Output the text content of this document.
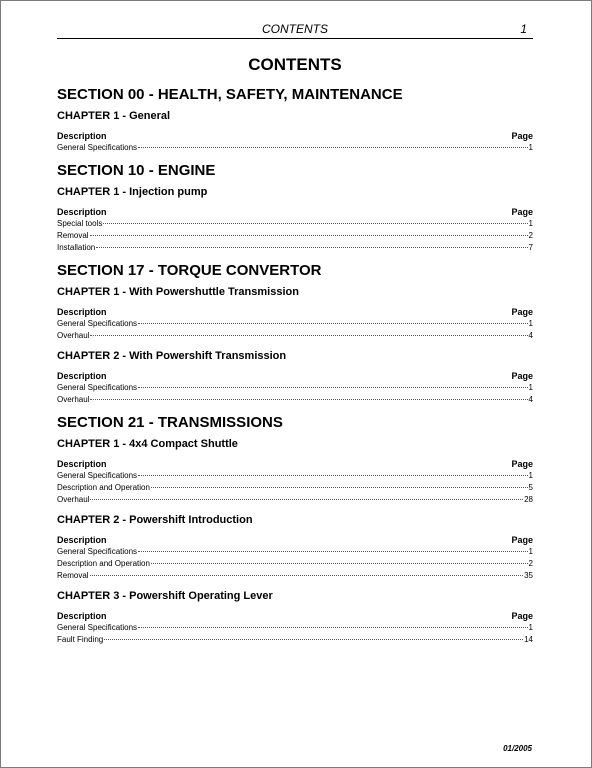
CONTENTS	1
CONTENTS
SECTION 00 - HEALTH, SAFETY, MAINTENANCE
CHAPTER 1 - General
Description	Page
General Specifications	1
SECTION 10 - ENGINE
CHAPTER 1 - Injection pump
Description	Page
Special tools	1
Removal	2
Installation	7
SECTION 17 - TORQUE CONVERTOR
CHAPTER 1 - With Powershuttle Transmission
Description	Page
General Specifications	1
Overhaul	4
CHAPTER 2 - With Powershift Transmission
Description	Page
General Specifications	1
Overhaul	4
SECTION 21 - TRANSMISSIONS
CHAPTER 1 - 4x4 Compact Shuttle
Description	Page
General Specifications	1
Description and Operation	5
Overhaul	28
CHAPTER 2 - Powershift Introduction
Description	Page
General Specifications	1
Description and Operation	2
Removal	35
CHAPTER 3 - Powershift Operating Lever
Description	Page
General Specifications	1
Fault Finding	14
01/2005
